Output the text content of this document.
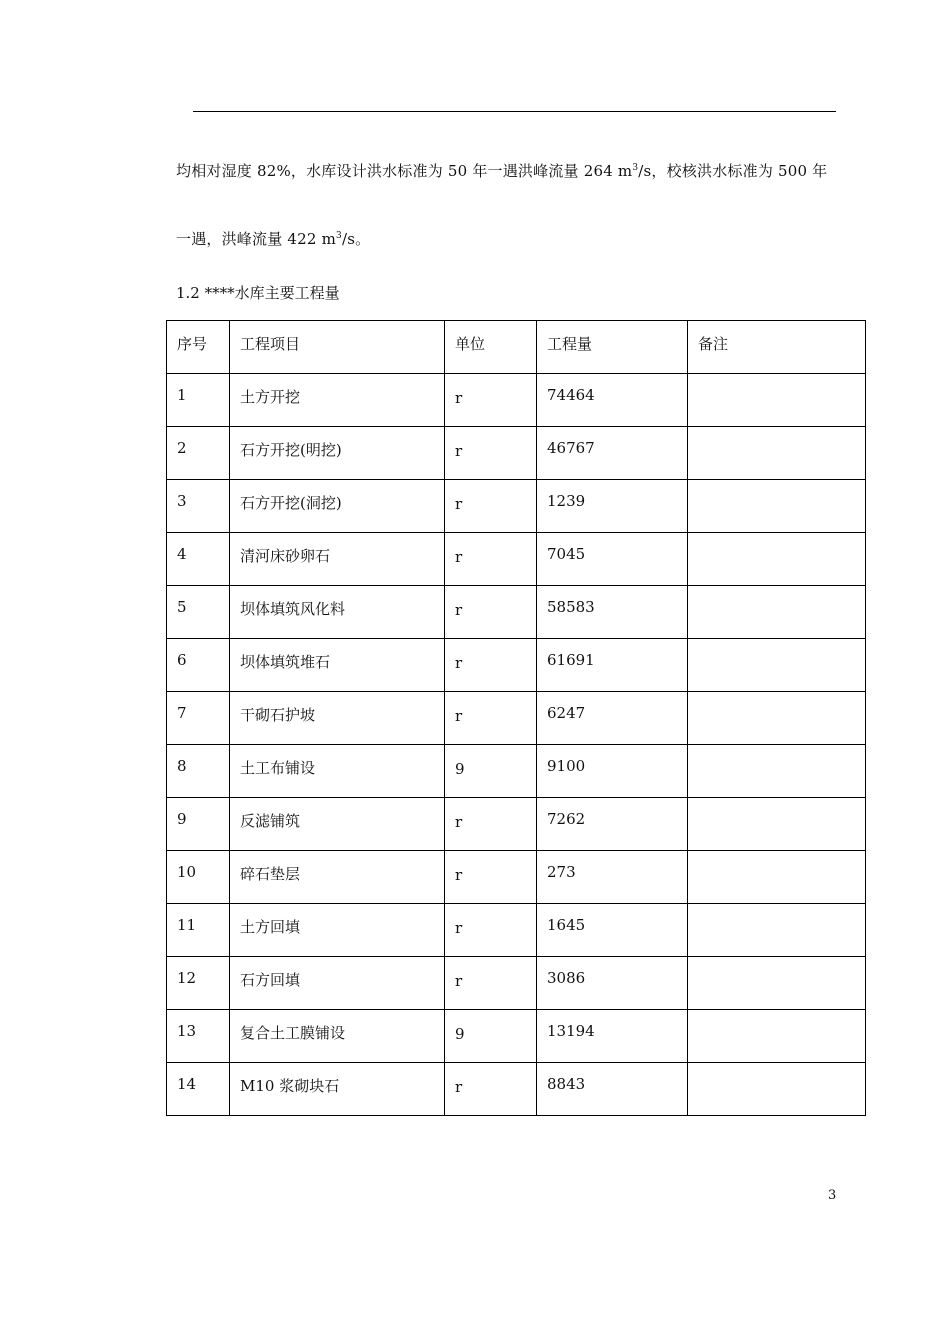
均相对湿度 82%，水库设计洪水标准为 50 年一遇洪峰流量 264 $m^3/s$，校核洪水标准为 500 年
一遇，洪峰流量 422 $m^3/s$。
1.2 ****水库主要工程量
序号	工程项目	单位	工程量	备注
1	土方开挖	r	74464	
2	石方开挖(明挖)	r	46767	
3	石方开挖(洞挖)	r	1239	
4	清河床砂卵石	r	7045	
5	坝体填筑风化料	r	58583	
6	坝体填筑堆石	r	61691	
7	干砌石护坡	r	6247	
8	土工布铺设	9	9100	
9	反滤铺筑	r	7262	
10	碎石垫层	r	273	
11	土方回填	r	1645	
12	石方回填	r	3086	
13	复合土工膜铺设	9	13194	
14	M10 浆砌块石	r	8843	
3
